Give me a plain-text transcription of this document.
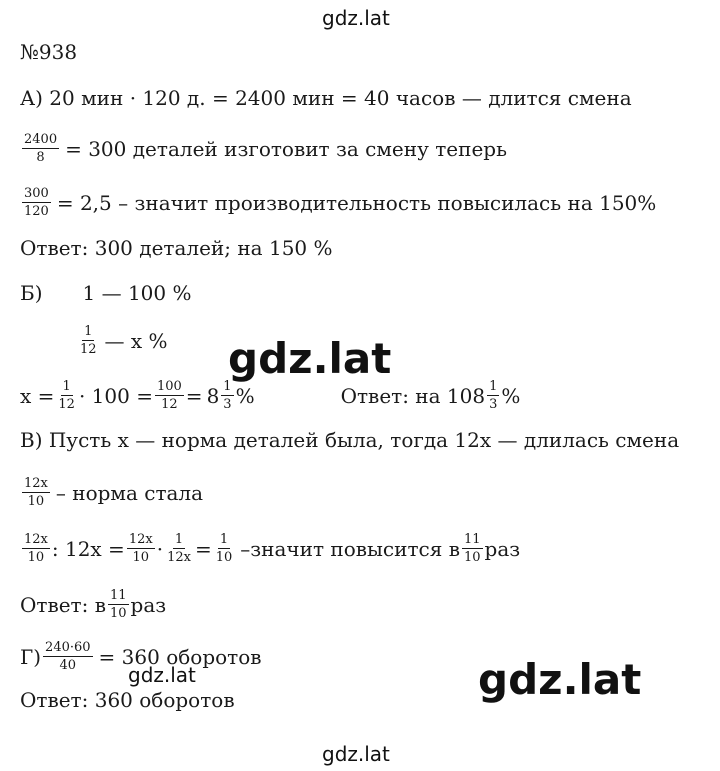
gdz.lat
gdz.lat
gdz.lat	gdz.lat
gdz.lat
№938
А) 20 мин · 120 д. = 2400 мин = 40 часов — длится смена
$\frac{2400}{8} = 300$ деталей изготовит за смену теперь
$\frac{300}{120} = 2,5$ – значит производительность повысилась на 150%
Ответ: 300 деталей; на 150 %
Б) 1 — 100 %
$\frac{1}{12}$ — x %
$x = \frac{1}{12} \cdot 100 = \frac{100}{12} = 8 \frac{1}{3}$ %	Ответ: на $108 \frac{1}{3}$ %
В) Пусть x — норма деталей была, тогда 12x — длилась смена
$\frac{12x}{10}$ – норма стала
$\frac{12x}{10}$ : $12x = \frac{12x}{10} \cdot \frac{1}{12x} = \frac{1}{10}$ –значит повысится в $\frac{11}{10}$ раз
Ответ: в $\frac{11}{10}$ раз
$Г) \frac{240\cdot 60}{40} = 360$ оборотов
Ответ: 360 оборотов
